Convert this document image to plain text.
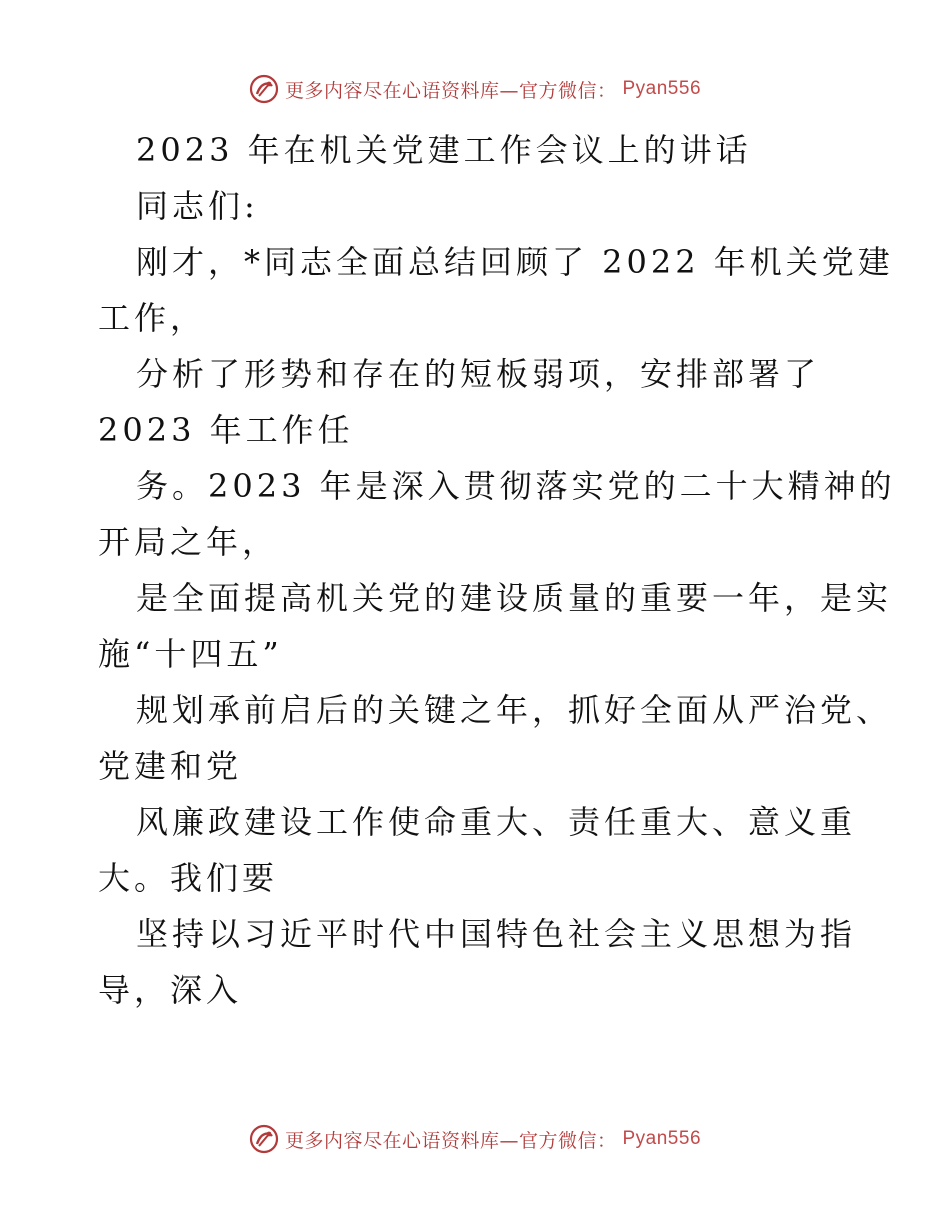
更多内容尽在心语资料库—官方微信： Pyan556
2023 年在机关党建工作会议上的讲话
同志们:
刚才，*同志全面总结回顾了 2022 年机关党建
工作，
分析了形势和存在的短板弱项，安排部署了
2023 年工作任
务。2023 年是深入贯彻落实党的二十大精神的
开局之年，
是全面提高机关党的建设质量的重要一年，是实
施“十四五”
规划承前启后的关键之年，抓好全面从严治党、
党建和党
风廉政建设工作使命重大、责任重大、意义重
大。我们要
坚持以习近平时代中国特色社会主义思想为指
导，深入
更多内容尽在心语资料库—官方微信： Pyan556
